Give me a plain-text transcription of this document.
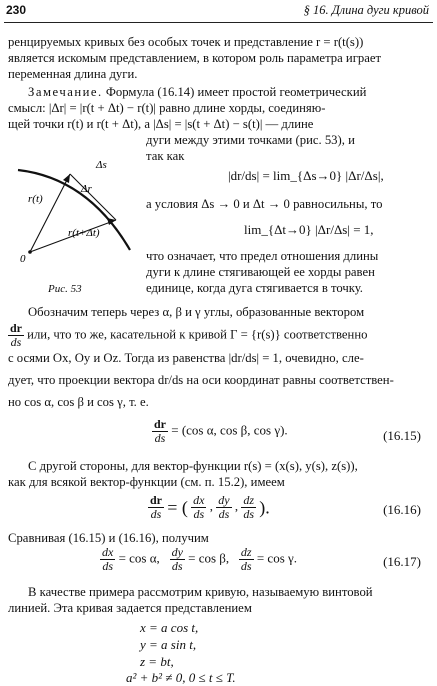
230	§ 16. Длина дуги кривой
ренцируемых кривых без особых точек и представление r = r(t(s))
является искомым представлением, в котором роль параметра играет
переменная длина дуги.
Замечание. Формула (16.14) имеет простой геометрический
смысл: |Δr| = |r(t + Δt) − r(t)| равно длине хорды, соединяю-
щей точки r(t) и r(t + Δt), а |Δs| = |s(t + Δt) − s(t)| — длине
дуги между этими точками (рис. 53), и
так как
|dr/ds| = lim_{Δs→0} |Δr/Δs|,
а условия Δs → 0 и Δt → 0 равносильны, то
lim_{Δt→0} |Δr/Δs| = 1,
что означает, что предел отношения длины
дуги к длине стягивающей ее хорды равен
единице, когда дуга стягивается в точку.
Δs
Δr
r(t)
r(t+Δt)
0
Рис. 53
Обозначим теперь через α, β и γ углы, образованные вектором
$\frac{dr}{ds}$ или, что то же, касательной к кривой Γ = {r(s)} соответственно
с осями Ox, Oy и Oz. Тогда из равенства |dr/ds| = 1, очевидно, сле-
дует, что проекции вектора dr/ds на оси координат равны соответствен-
но cos α, cos β и cos γ, т. е.
$\frac{dr}{ds} = (\cos$ α, cos β, cos γ).	(16.15)
С другой стороны, для вектор-функции r(s) = (x(s), y(s), z(s)),
как для всякой вектор-функции (см. п. 15.2), имеем
$\frac{dr}{ds}$ = ( $\frac{dx}{ds}$ , $\frac{dy}{ds}$ , $\frac{dz}{ds}$ ).	(16.16)
Сравнивая (16.15) и (16.16), получим
$\frac{dx}{ds} = \cos \alpha$, $\frac{dy}{ds} = \cos \beta$, $\frac{dz}{ds} = \cos \gamma$.	(16.17)
В качестве примера рассмотрим кривую, называемую винтовой
линией. Эта кривая задается представлением
x = a cos t,
y = a sin t,
z = bt,
a² + b² ≠ 0, 0 ≤ t ≤ T.
